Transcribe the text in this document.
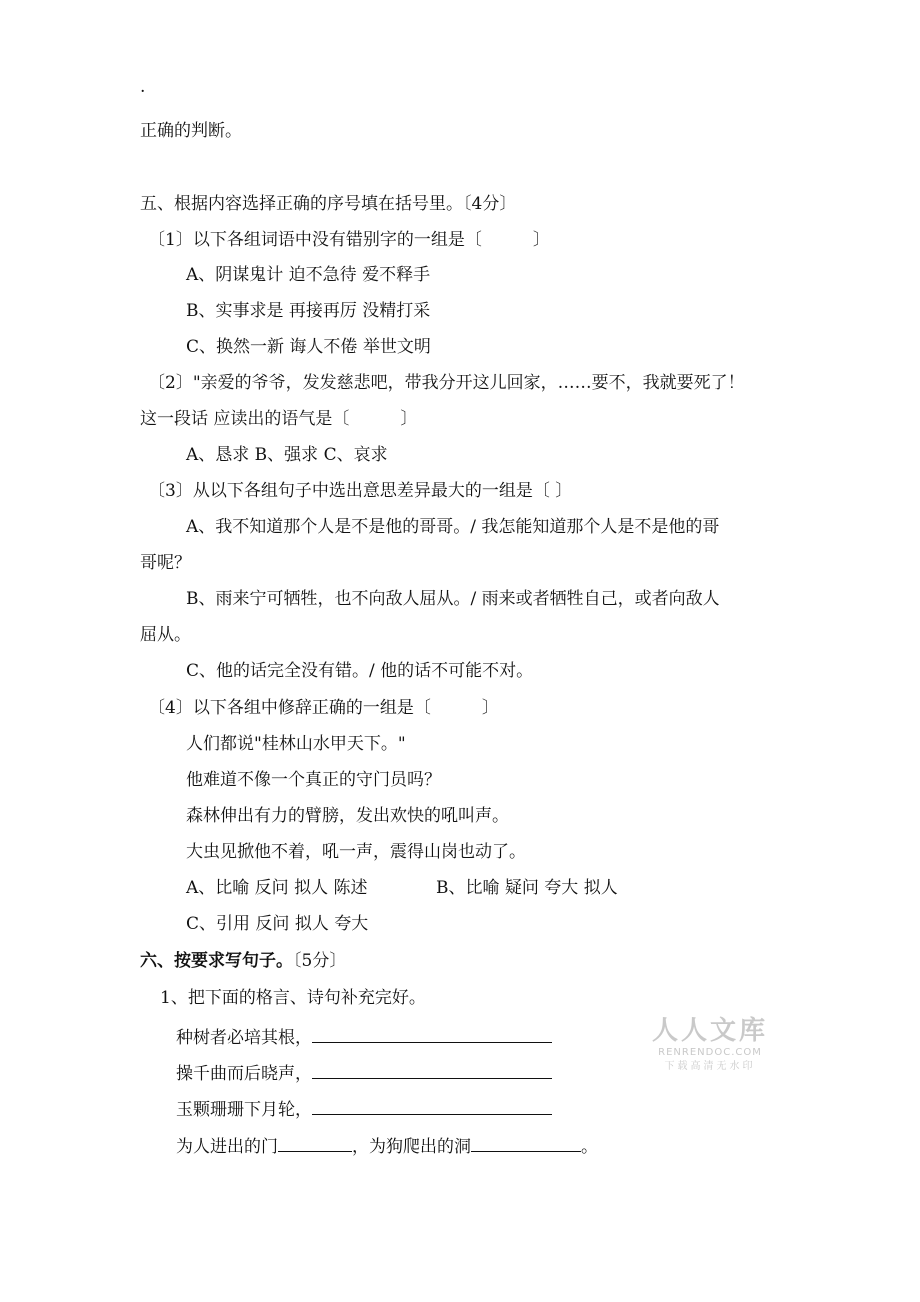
.
正确的判断。
五、根据内容选择正确的序号填在括号里。〔4分〕
〔1〕以下各组词语中没有错别字的一组是〔　　　〕
A、阴谋鬼计 迫不急待 爱不释手
B、实事求是 再接再厉 没精打采
C、换然一新 诲人不倦 举世文明
〔2〕"亲爱的爷爷，发发慈悲吧，带我分开这儿回家，……要不，我就要死了！
这一段话 应读出的语气是〔　　　〕
A、恳求 B、强求 C、哀求
〔3〕从以下各组句子中选出意思差异最大的一组是〔 〕
A、我不知道那个人是不是他的哥哥。/ 我怎能知道那个人是不是他的哥
哥呢？
B、雨来宁可牺牲，也不向敌人屈从。/ 雨来或者牺牲自己，或者向敌人
屈从。
C、他的话完全没有错。/ 他的话不可能不对。
〔4〕以下各组中修辞正确的一组是〔　　　〕
人们都说"桂林山水甲天下。"
他难道不像一个真正的守门员吗？
森林伸出有力的臂膀，发出欢快的吼叫声。
大虫见掀他不着，吼一声，震得山岗也动了。
A、比喻 反问 拟人 陈述	B、比喻 疑问 夸大 拟人
C、引用 反问 拟人 夸大
六、按要求写句子。〔5分〕
1、把下面的格言、诗句补充完好。
种树者必培其根，
操千曲而后晓声，
玉颗珊珊下月轮，
为人进出的门	，为狗爬出的洞	。
人人文库
RENRENDOC.COM
下载高清无水印
